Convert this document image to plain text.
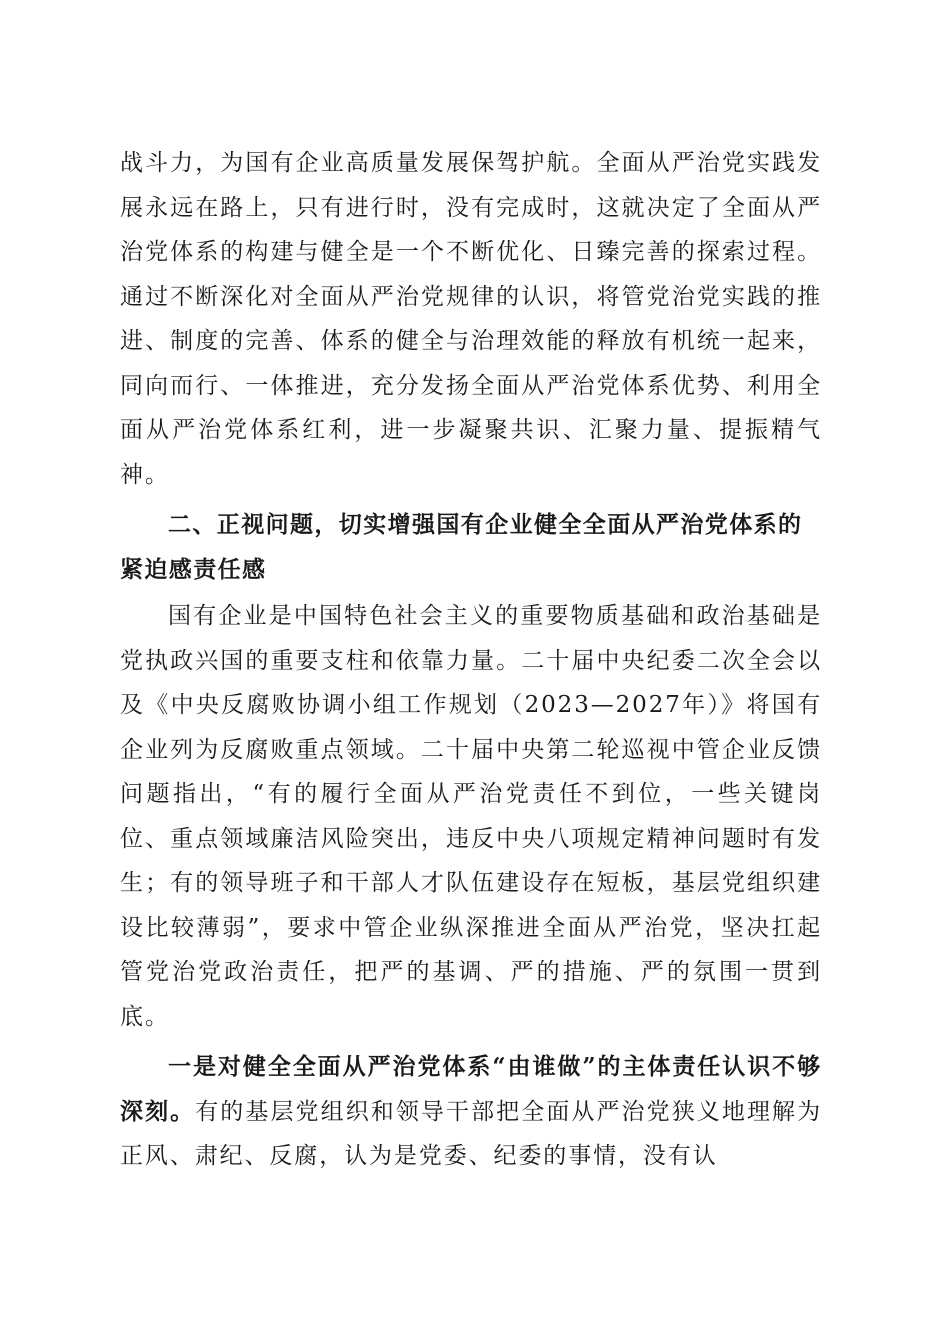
战斗力，为国有企业高质量发展保驾护航。全面从严治党实践发展永远在路上，只有进行时，没有完成时，这就决定了全面从严治党体系的构建与健全是一个不断优化、日臻完善的探索过程。通过不断深化对全面从严治党规律的认识，将管党治党实践的推进、制度的完善、体系的健全与治理效能的释放有机统一起来，同向而行、一体推进，充分发扬全面从严治党体系优势、利用全面从严治党体系红利，进一步凝聚共识、汇聚力量、提振精气神。

二、正视问题，切实增强国有企业健全全面从严治党体系的紧迫感责任感

国有企业是中国特色社会主义的重要物质基础和政治基础是党执政兴国的重要支柱和依靠力量。二十届中央纪委二次全会以及《中央反腐败协调小组工作规划（2023—2027年）》将国有企业列为反腐败重点领域。二十届中央第二轮巡视中管企业反馈问题指出，“有的履行全面从严治党责任不到位，一些关键岗位、重点领域廉洁风险突出，违反中央八项规定精神问题时有发生；有的领导班子和干部人才队伍建设存在短板，基层党组织建设比较薄弱”，要求中管企业纵深推进全面从严治党，坚决扛起管党治党政治责任，把严的基调、严的措施、严的氛围一贯到底。

一是对健全全面从严治党体系“由谁做”的主体责任认识不够深刻。有的基层党组织和领导干部把全面从严治党狭义地理解为正风、肃纪、反腐，认为是党委、纪委的事情，没有认
